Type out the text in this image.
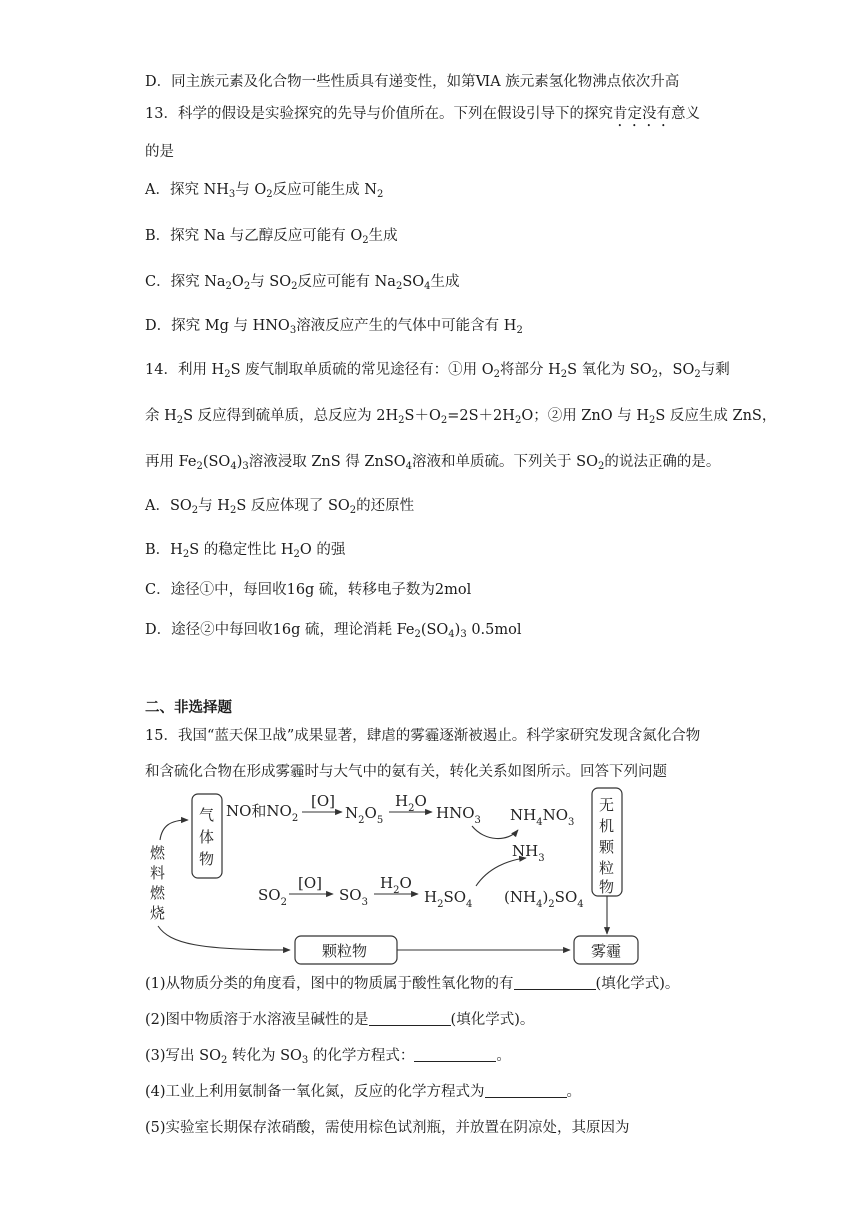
D．同主族元素及化合物一些性质具有递变性，如第ⅥA 族元素氢化物沸点依次升高
13．科学的假设是实验探究的先导与价值所在。下列在假设引导下的探究肯定没有意义
的是
A．探究 $NH_3$与 $O_2$反应可能生成 $N_2$
B．探究 Na 与乙醇反应可能有 $O_2$生成
C．探究 $Na_2O_2$与 $SO_2$反应可能有 $Na_2SO_4$生成
D．探究 Mg 与 $HNO_3$溶液反应产生的气体中可能含有 $H_2$
14．利用 $H_2S$ 废气制取单质硫的常见途径有：①用 $O_2$将部分 $H_2S$ 氧化为 $SO_2$，$SO_2$与剩
余 $H_2S$ 反应得到硫单质，总反应为 $2H_2S+O_2=2S+2H_2O$；②用 ZnO 与 $H_2S$ 反应生成 ZnS，
再用 $Fe_2(SO_4)_3$溶液浸取 ZnS 得 ZnSO$_4$溶液和单质硫。下列关于 $SO_2$的说法正确的是。
A．$SO_2$与 $H_2S$ 反应体现了 $SO_2$的还原性
B．$H_2S$ 的稳定性比 $H_2O$ 的强
C．途径①中，每回收16g 硫，转移电子数为2mol
D．途径②中每回收16g 硫，理论消耗 $Fe_2(SO_4)_3$ 0.5mol
二、非选择题
15．我国“蓝天保卫战”成果显著，肆虐的雾霾逐渐被遏止。科学家研究发现含氮化合物
和含硫化合物在形成雾霾时与大气中的氨有关，转化关系如图所示。回答下列问题
燃
料
燃
烧
气
体
物
NO和$NO_2$
[O]
$N_2O_5$
$H_2O$
$HNO_3$ $NH_4NO_3$
$NH_3$
$SO_2$
[O]
$SO_3$
$H_2O$
$H_2SO_4$ $(NH_4)_2SO_4$
无
机
颗
粒
物
颗粒物	雾霾
(1)从物质分类的角度看，图中的物质属于酸性氧化物的有	(填化学式)。
(2)图中物质溶于水溶液呈碱性的是	(填化学式)。
(3)写出 $SO_2$ 转化为 $SO_3$ 的化学方程式：	。
(4)工业上利用氨制备一氧化氮，反应的化学方程式为	。
(5)实验室长期保存浓硝酸，需使用棕色试剂瓶，并放置在阴凉处，其原因为
